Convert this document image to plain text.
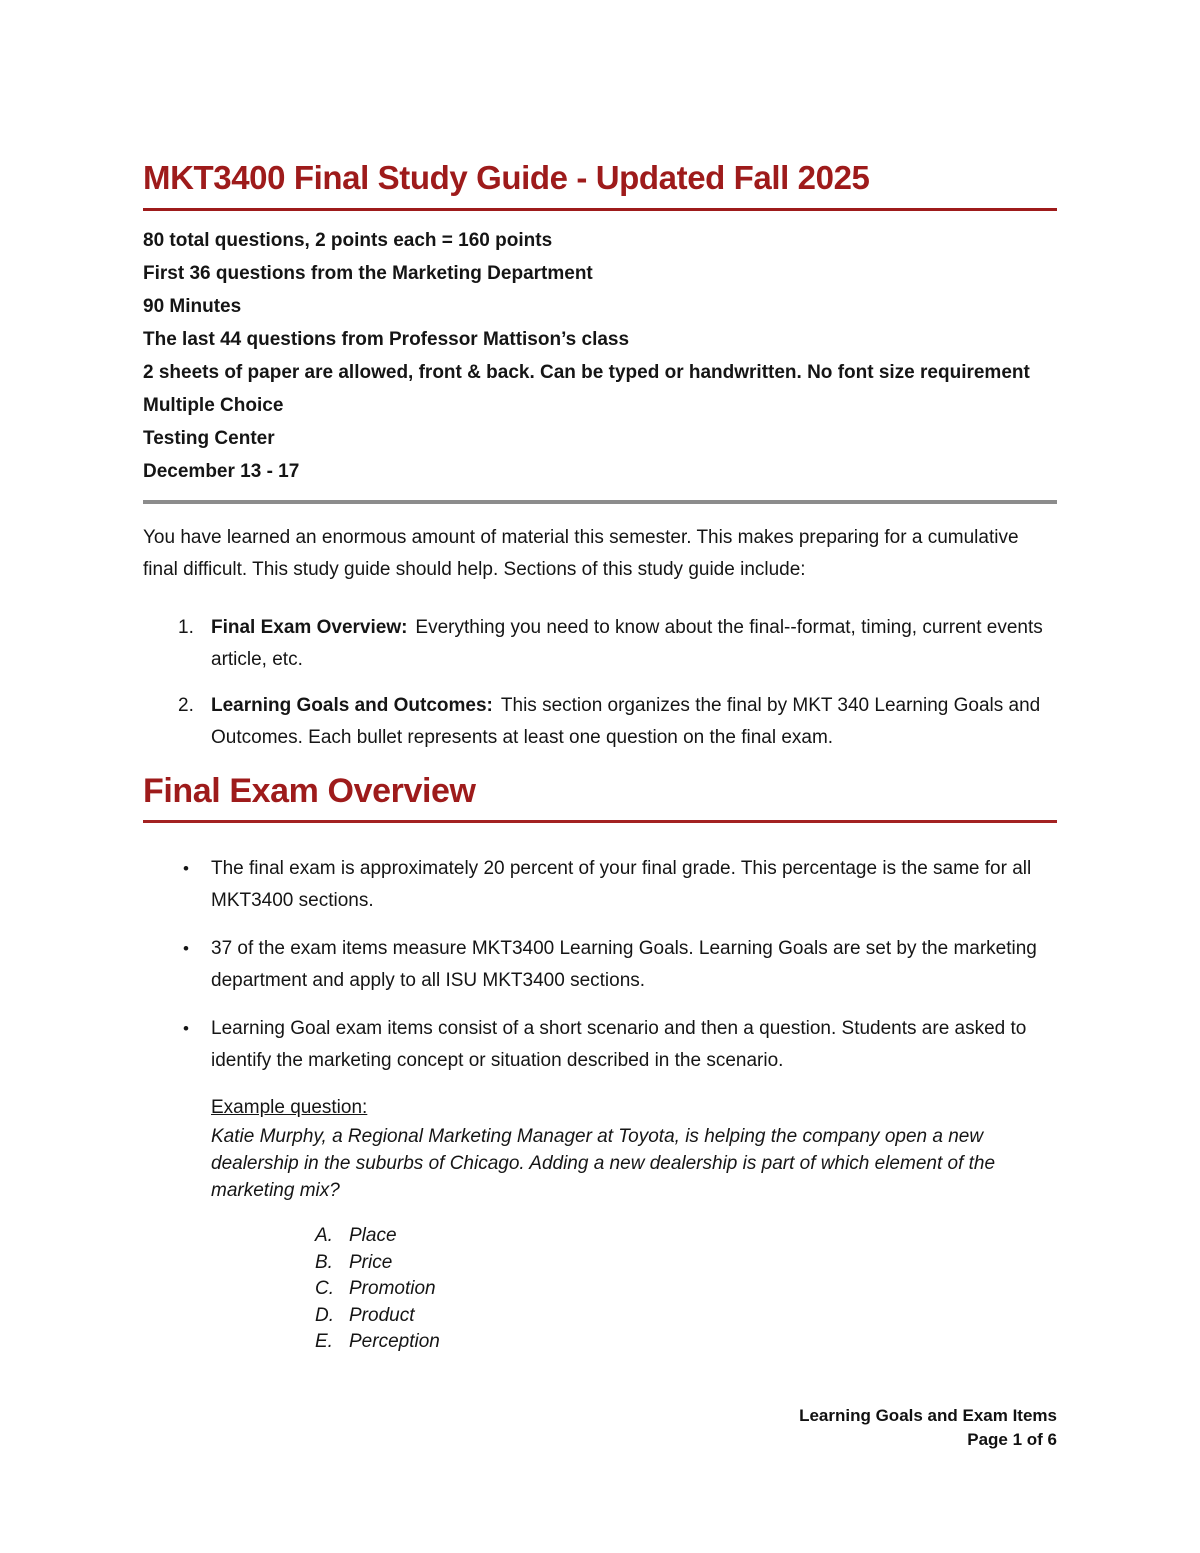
MKT3400 Final Study Guide - Updated Fall 2025

80 total questions, 2 points each = 160 points

First 36 questions from the Marketing Department

90 Minutes

The last 44 questions from Professor Mattison’s class

2 sheets of paper are allowed, front & back. Can be typed or handwritten. No font size requirement

Multiple Choice

Testing Center

December 13 - 17

You have learned an enormous amount of material this semester. This makes preparing for a cumulative final difficult. This study guide should help. Sections of this study guide include:

1. Final Exam Overview: Everything you need to know about the final--format, timing, current events article, etc.
2. Learning Goals and Outcomes: This section organizes the final by MKT 340 Learning Goals and Outcomes. Each bullet represents at least one question on the final exam.
Final Exam Overview
•	The final exam is approximately 20 percent of your final grade. This percentage is the same for all MKT3400 sections.
•	37 of the exam items measure MKT3400 Learning Goals. Learning Goals are set by the marketing department and apply to all ISU MKT3400 sections.
•	Learning Goal exam items consist of a short scenario and then a question. Students are asked to identify the marketing concept or situation described in the scenario.

Example question:

Katie Murphy, a Regional Marketing Manager at Toyota, is helping the company open a new dealership in the suburbs of Chicago. Adding a new dealership is part of which element of the marketing mix?

A. Place
B. Price
C. Promotion
D. Product
E. Perception
Learning Goals and Exam Items
Page 1 of 6
